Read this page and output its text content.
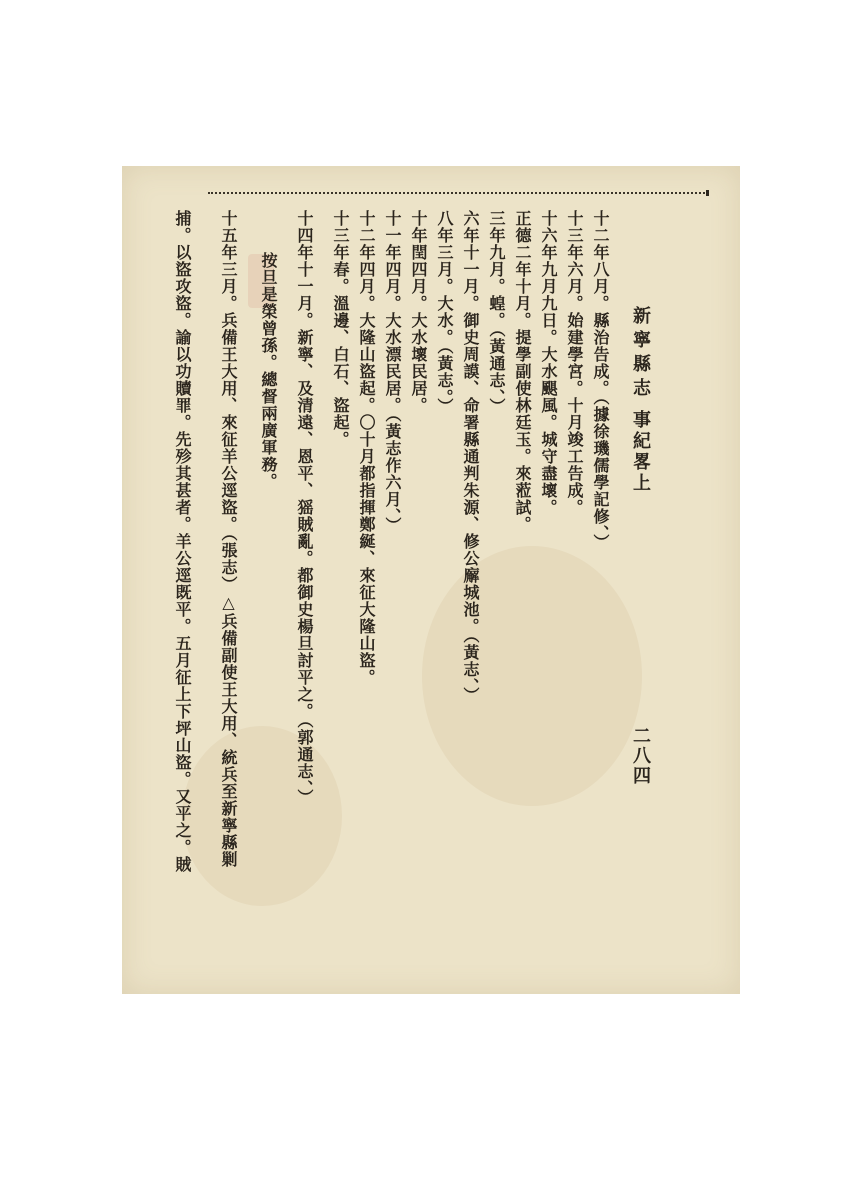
新寧縣志
事紀畧上
二八四
十二年八月。縣治告成。（據徐璣儒學記修、）
十三年六月。始建學宮。十月竣工告成。
十六年九月九日。大水颶風。城守盡壞。
正德二年十月。提學副使林廷玉。來蒞試。
三年九月。蝗。（黃通志、）
六年十一月。御史周謨、命署縣通判朱源、修公廨城池。（黃志、）
八年三月。大水。（黃志。）
十年閏四月。大水壞民居。
十一年四月。大水漂民居。（黃志作六月、）
十二年四月。大隆山盜起。〇十月都指揮鄭綖、來征大隆山盜。
十三年春。溫邊、白石、盜起。
十四年十一月。新寧、及清遠、恩平、猺賊亂。都御史楊旦討平之。（郭通志、）
按旦是榮曾孫。總督兩廣軍務。
十五年三月。兵備王大用、來征羊公逕盜。（張志）△兵備副使王大用、統兵至新寧縣剿
捕。以盜攻盜。諭以功贖罪。先殄其甚者。羊公逕既平。五月征上下坪山盜。又平之。賊
